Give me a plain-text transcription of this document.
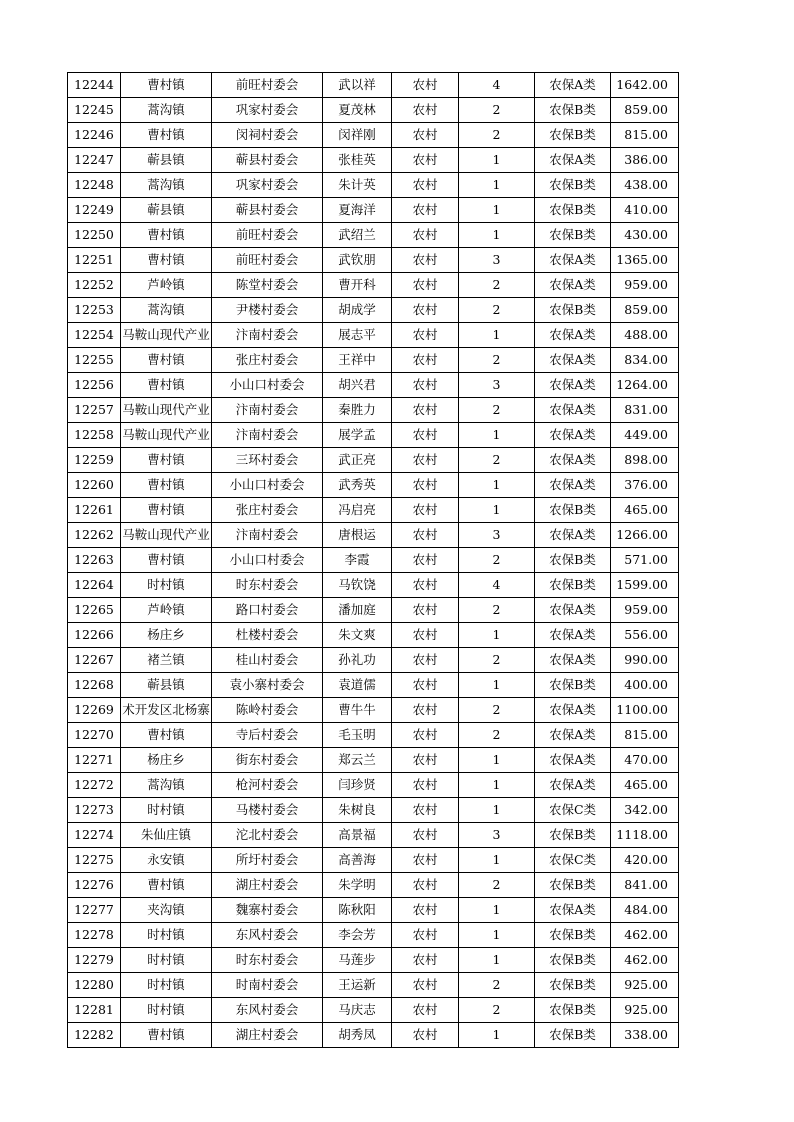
12244	曹村镇	前旺村委会	武以祥	农村	4	农保A类	1642.00
12245	蒿沟镇	巩家村委会	夏茂林	农村	2	农保B类	859.00
12246	曹村镇	闵祠村委会	闵祥刚	农村	2	农保B类	815.00
12247	蕲县镇	蕲县村委会	张桂英	农村	1	农保A类	386.00
12248	蒿沟镇	巩家村委会	朱计英	农村	1	农保B类	438.00
12249	蕲县镇	蕲县村委会	夏海洋	农村	1	农保B类	410.00
12250	曹村镇	前旺村委会	武绍兰	农村	1	农保B类	430.00
12251	曹村镇	前旺村委会	武钦朋	农村	3	农保A类	1365.00
12252	芦岭镇	陈堂村委会	曹开科	农村	2	农保A类	959.00
12253	蒿沟镇	尹楼村委会	胡成学	农村	2	农保B类	859.00
12254	马鞍山现代产业	汴南村委会	展志平	农村	1	农保A类	488.00
12255	曹村镇	张庄村委会	王祥中	农村	2	农保A类	834.00
12256	曹村镇	小山口村委会	胡兴君	农村	3	农保A类	1264.00
12257	马鞍山现代产业	汴南村委会	秦胜力	农村	2	农保A类	831.00
12258	马鞍山现代产业	汴南村委会	展学孟	农村	1	农保A类	449.00
12259	曹村镇	三环村委会	武正亮	农村	2	农保A类	898.00
12260	曹村镇	小山口村委会	武秀英	农村	1	农保A类	376.00
12261	曹村镇	张庄村委会	冯启亮	农村	1	农保B类	465.00
12262	马鞍山现代产业	汴南村委会	唐根运	农村	3	农保A类	1266.00
12263	曹村镇	小山口村委会	李霞	农村	2	农保B类	571.00
12264	时村镇	时东村委会	马钦饶	农村	4	农保B类	1599.00
12265	芦岭镇	路口村委会	潘加庭	农村	2	农保A类	959.00
12266	杨庄乡	杜楼村委会	朱文爽	农村	1	农保A类	556.00
12267	褚兰镇	桂山村委会	孙礼功	农村	2	农保A类	990.00
12268	蕲县镇	袁小寨村委会	袁道儒	农村	1	农保B类	400.00
12269	术开发区北杨寨	陈岭村委会	曹牛牛	农村	2	农保A类	1100.00
12270	曹村镇	寺后村委会	毛玉明	农村	2	农保A类	815.00
12271	杨庄乡	街东村委会	郑云兰	农村	1	农保A类	470.00
12272	蒿沟镇	枪河村委会	闫珍贤	农村	1	农保A类	465.00
12273	时村镇	马楼村委会	朱树良	农村	1	农保C类	342.00
12274	朱仙庄镇	沱北村委会	高景福	农村	3	农保B类	1118.00
12275	永安镇	所圩村委会	高善海	农村	1	农保C类	420.00
12276	曹村镇	湖庄村委会	朱学明	农村	2	农保B类	841.00
12277	夹沟镇	魏寨村委会	陈秋阳	农村	1	农保A类	484.00
12278	时村镇	东风村委会	李会芳	农村	1	农保B类	462.00
12279	时村镇	时东村委会	马莲步	农村	1	农保B类	462.00
12280	时村镇	时南村委会	王运新	农村	2	农保B类	925.00
12281	时村镇	东风村委会	马庆志	农村	2	农保B类	925.00
12282	曹村镇	湖庄村委会	胡秀凤	农村	1	农保B类	338.00
